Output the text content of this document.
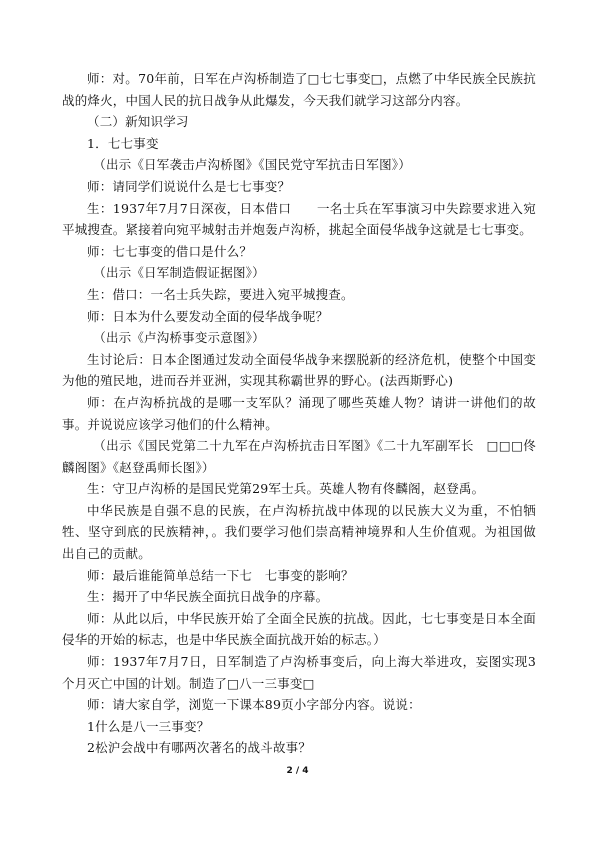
师：对。70年前，日军在卢沟桥制造了□七七事变□，点燃了中华民族全民族抗战的烽火，中国人民的抗日战争从此爆发，今天我们就学习这部分内容。

（二）新知识学习

1．七七事变

（出示《日军袭击卢沟桥图》《国民党守军抗击日军图》）

师：请同学们说说什么是七七事变？

生：1937年7月7日深夜，日本借口　　一名士兵在军事演习中失踪要求进入宛平城搜查。紧接着向宛平城射击并炮轰卢沟桥，挑起全面侵华战争这就是七七事变。

师：七七事变的借口是什么？

（出示《日军制造假证据图》）

生：借口：一名士兵失踪，要进入宛平城搜查。

师：日本为什么要发动全面的侵华战争呢？

（出示《卢沟桥事变示意图》）

生讨论后：日本企图通过发动全面侵华战争来摆脱新的经济危机，使整个中国变为他的殖民地，进而吞并亚洲，实现其称霸世界的野心。(法西斯野心)

师：在卢沟桥抗战的是哪一支军队？涌现了哪些英雄人物？请讲一讲他们的故事。并说说应该学习他们的什么精神。

（出示《国民党第二十九军在卢沟桥抗击日军图》《二十九军副军长　□□□佟麟阁图》《赵登禹师长图》）

生：守卫卢沟桥的是国民党第29军士兵。英雄人物有佟麟阁，赵登禹。

中华民族是自强不息的民族，在卢沟桥抗战中体现的以民族大义为重，不怕牺牲、坚守到底的民族精神，。我们要学习他们崇高精神境界和人生价值观。为祖国做出自己的贡献。

师：最后谁能简单总结一下七　七事变的影响？

生：揭开了中华民族全面抗日战争的序幕。

师：从此以后，中华民族开始了全面全民族的抗战。因此，七七事变是日本全面侵华的开始的标志，也是中华民族全面抗战开始的标志。）

师：1937年7月7日，日军制造了卢沟桥事变后，向上海大举进攻，妄图实现3个月灭亡中国的计划。制造了□八一三事变□

师：请大家自学，浏览一下课本89页小字部分内容。说说：

1什么是八一三事变？

2松沪会战中有哪两次著名的战斗故事？

2 / 4
